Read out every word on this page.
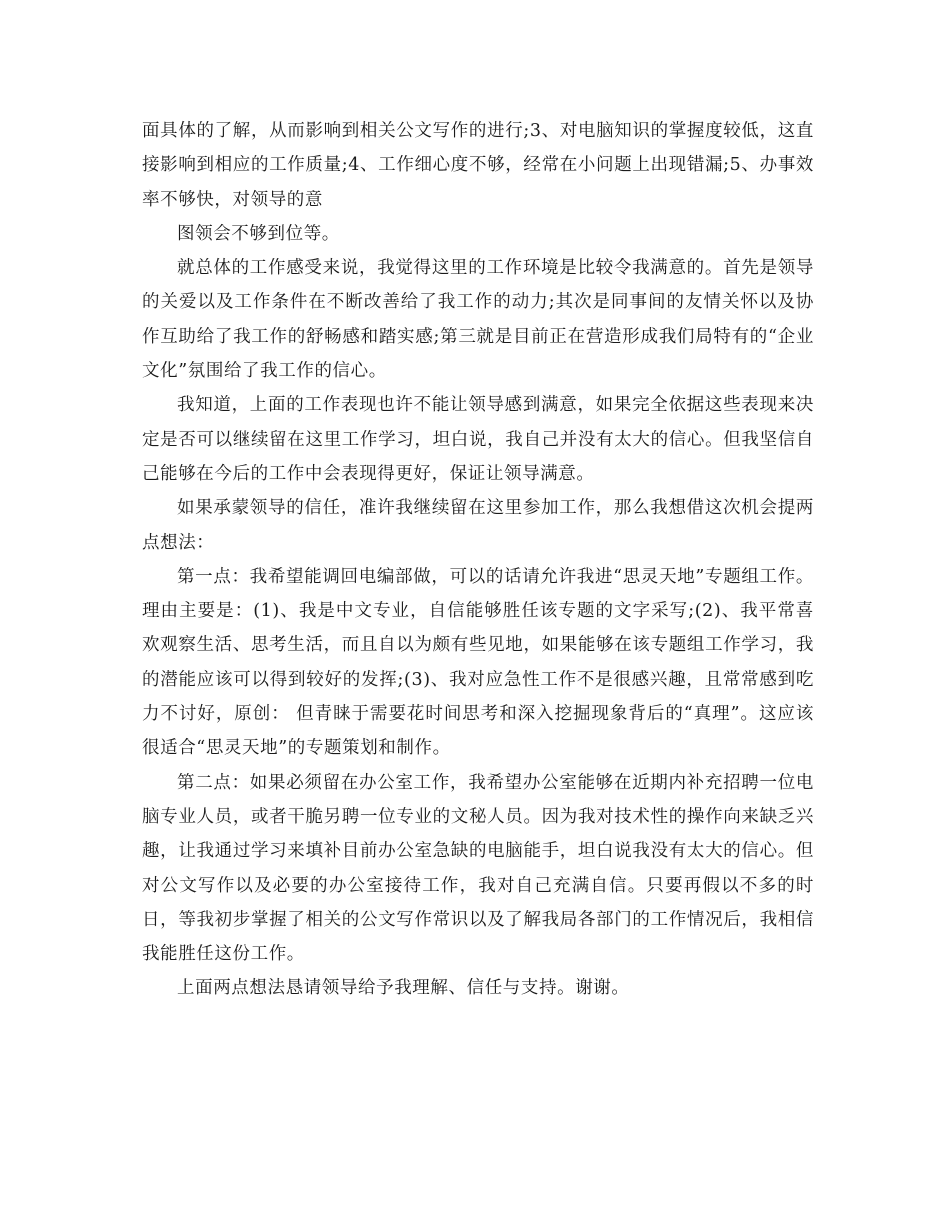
面具体的了解，从而影响到相关公文写作的进行;3、对电脑知识的掌握度较低，这直接影响到相应的工作质量;4、工作细心度不够，经常在小问题上出现错漏;5、办事效率不够快，对领导的意

图领会不够到位等。

就总体的工作感受来说，我觉得这里的工作环境是比较令我满意的。首先是领导的关爱以及工作条件在不断改善给了我工作的动力;其次是同事间的友情关怀以及协作互助给了我工作的舒畅感和踏实感;第三就是目前正在营造形成我们局特有的“企业文化”氛围给了我工作的信心。

我知道，上面的工作表现也许不能让领导感到满意，如果完全依据这些表现来决定是否可以继续留在这里工作学习，坦白说，我自己并没有太大的信心。但我坚信自己能够在今后的工作中会表现得更好，保证让领导满意。

如果承蒙领导的信任，准许我继续留在这里参加工作，那么我想借这次机会提两点想法：

第一点：我希望能调回电编部做，可以的话请允许我进“思灵天地”专题组工作。理由主要是：(1)、我是中文专业，自信能够胜任该专题的文字采写;(2)、我平常喜欢观察生活、思考生活，而且自以为颇有些见地，如果能够在该专题组工作学习，我的潜能应该可以得到较好的发挥;(3)、我对应急性工作不是很感兴趣，且常常感到吃力不讨好，原创： 但青睐于需要花时间思考和深入挖掘现象背后的“真理”。这应该很适合“思灵天地”的专题策划和制作。

第二点：如果必须留在办公室工作，我希望办公室能够在近期内补充招聘一位电脑专业人员，或者干脆另聘一位专业的文秘人员。因为我对技术性的操作向来缺乏兴趣，让我通过学习来填补目前办公室急缺的电脑能手，坦白说我没有太大的信心。但对公文写作以及必要的办公室接待工作，我对自己充满自信。只要再假以不多的时日，等我初步掌握了相关的公文写作常识以及了解我局各部门的工作情况后，我相信我能胜任这份工作。

上面两点想法恳请领导给予我理解、信任与支持。谢谢。
